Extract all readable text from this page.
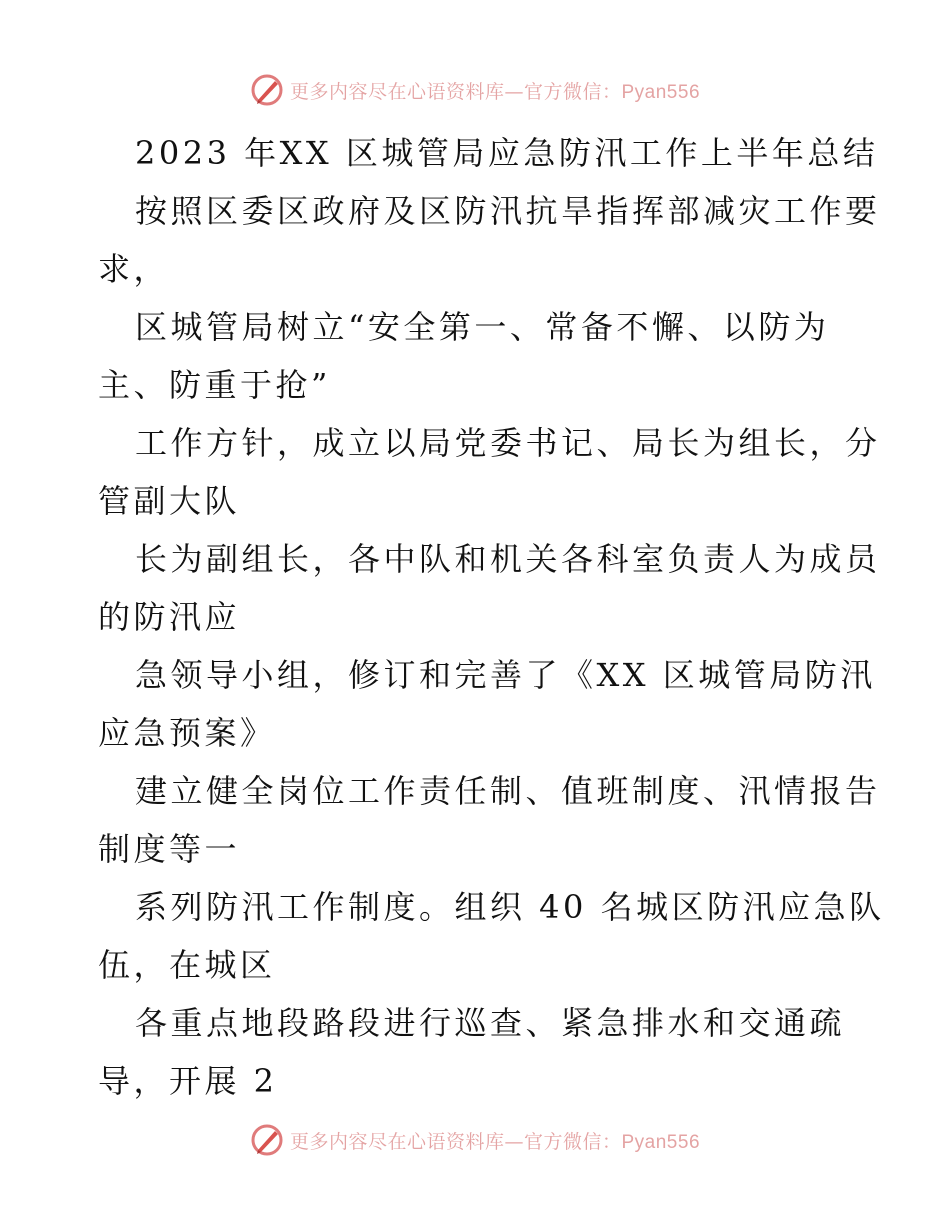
更多内容尽在心语资料库—官方微信：Pyan556
2023 年XX 区城管局应急防汛工作上半年总结
按照区委区政府及区防汛抗旱指挥部减灾工作要
求，
区城管局树立“安全第一、常备不懈、以防为
主、防重于抢”
工作方针，成立以局党委书记、局长为组长，分
管副大队
长为副组长，各中队和机关各科室负责人为成员
的防汛应
急领导小组，修订和完善了《XX 区城管局防汛
应急预案》
建立健全岗位工作责任制、值班制度、汛情报告
制度等一
系列防汛工作制度。组织 40 名城区防汛应急队
伍，在城区
各重点地段路段进行巡查、紧急排水和交通疏
导，开展 2
更多内容尽在心语资料库—官方微信：Pyan556
